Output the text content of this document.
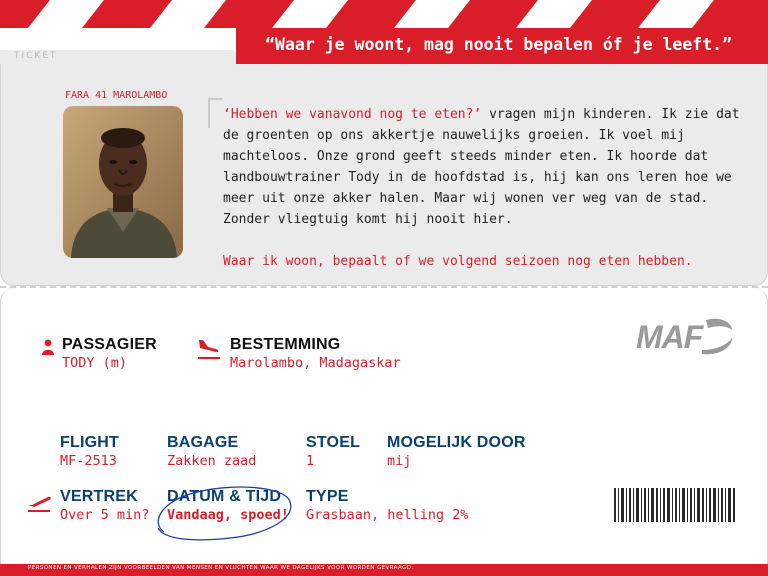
TICKET
“Waar je woont, mag nooit bepalen óf je leeft.”
FARA 41 MAROLAMBO
‘Hebben we vanavond nog te eten?’ vragen mijn kinderen. Ik zie dat de groenten op ons akkertje nauwelijks groeien. Ik voel mij machteloos. Onze grond geeft steeds minder eten. Ik hoorde dat landbouwtrainer Tody in de hoofdstad is, hij kan ons leren hoe we meer uit onze akker halen. Maar wij wonen ver weg van de stad. Zonder vliegtuig komt hij nooit hier.
Waar ik woon, bepaalt of we volgend seizoen nog eten hebben.
MAF
PASSAGIER
TODY (m)
BESTEMMING
Marolambo, Madagaskar
FLIGHT
MF-2513
BAGAGE
Zakken zaad
STOEL
1
MOGELIJK DOOR
mij
VERTREK
Over 5 min?
DATUM & TIJD
Vandaag, spoed!
TYPE
Grasbaan, helling 2%
PERSONEN EN VERHALEN ZIJN VOORBEELDEN VAN MENSEN EN VLUCHTEN WAAR WE DAGELIJKS VOOR WORDEN GEVRAAGD.
